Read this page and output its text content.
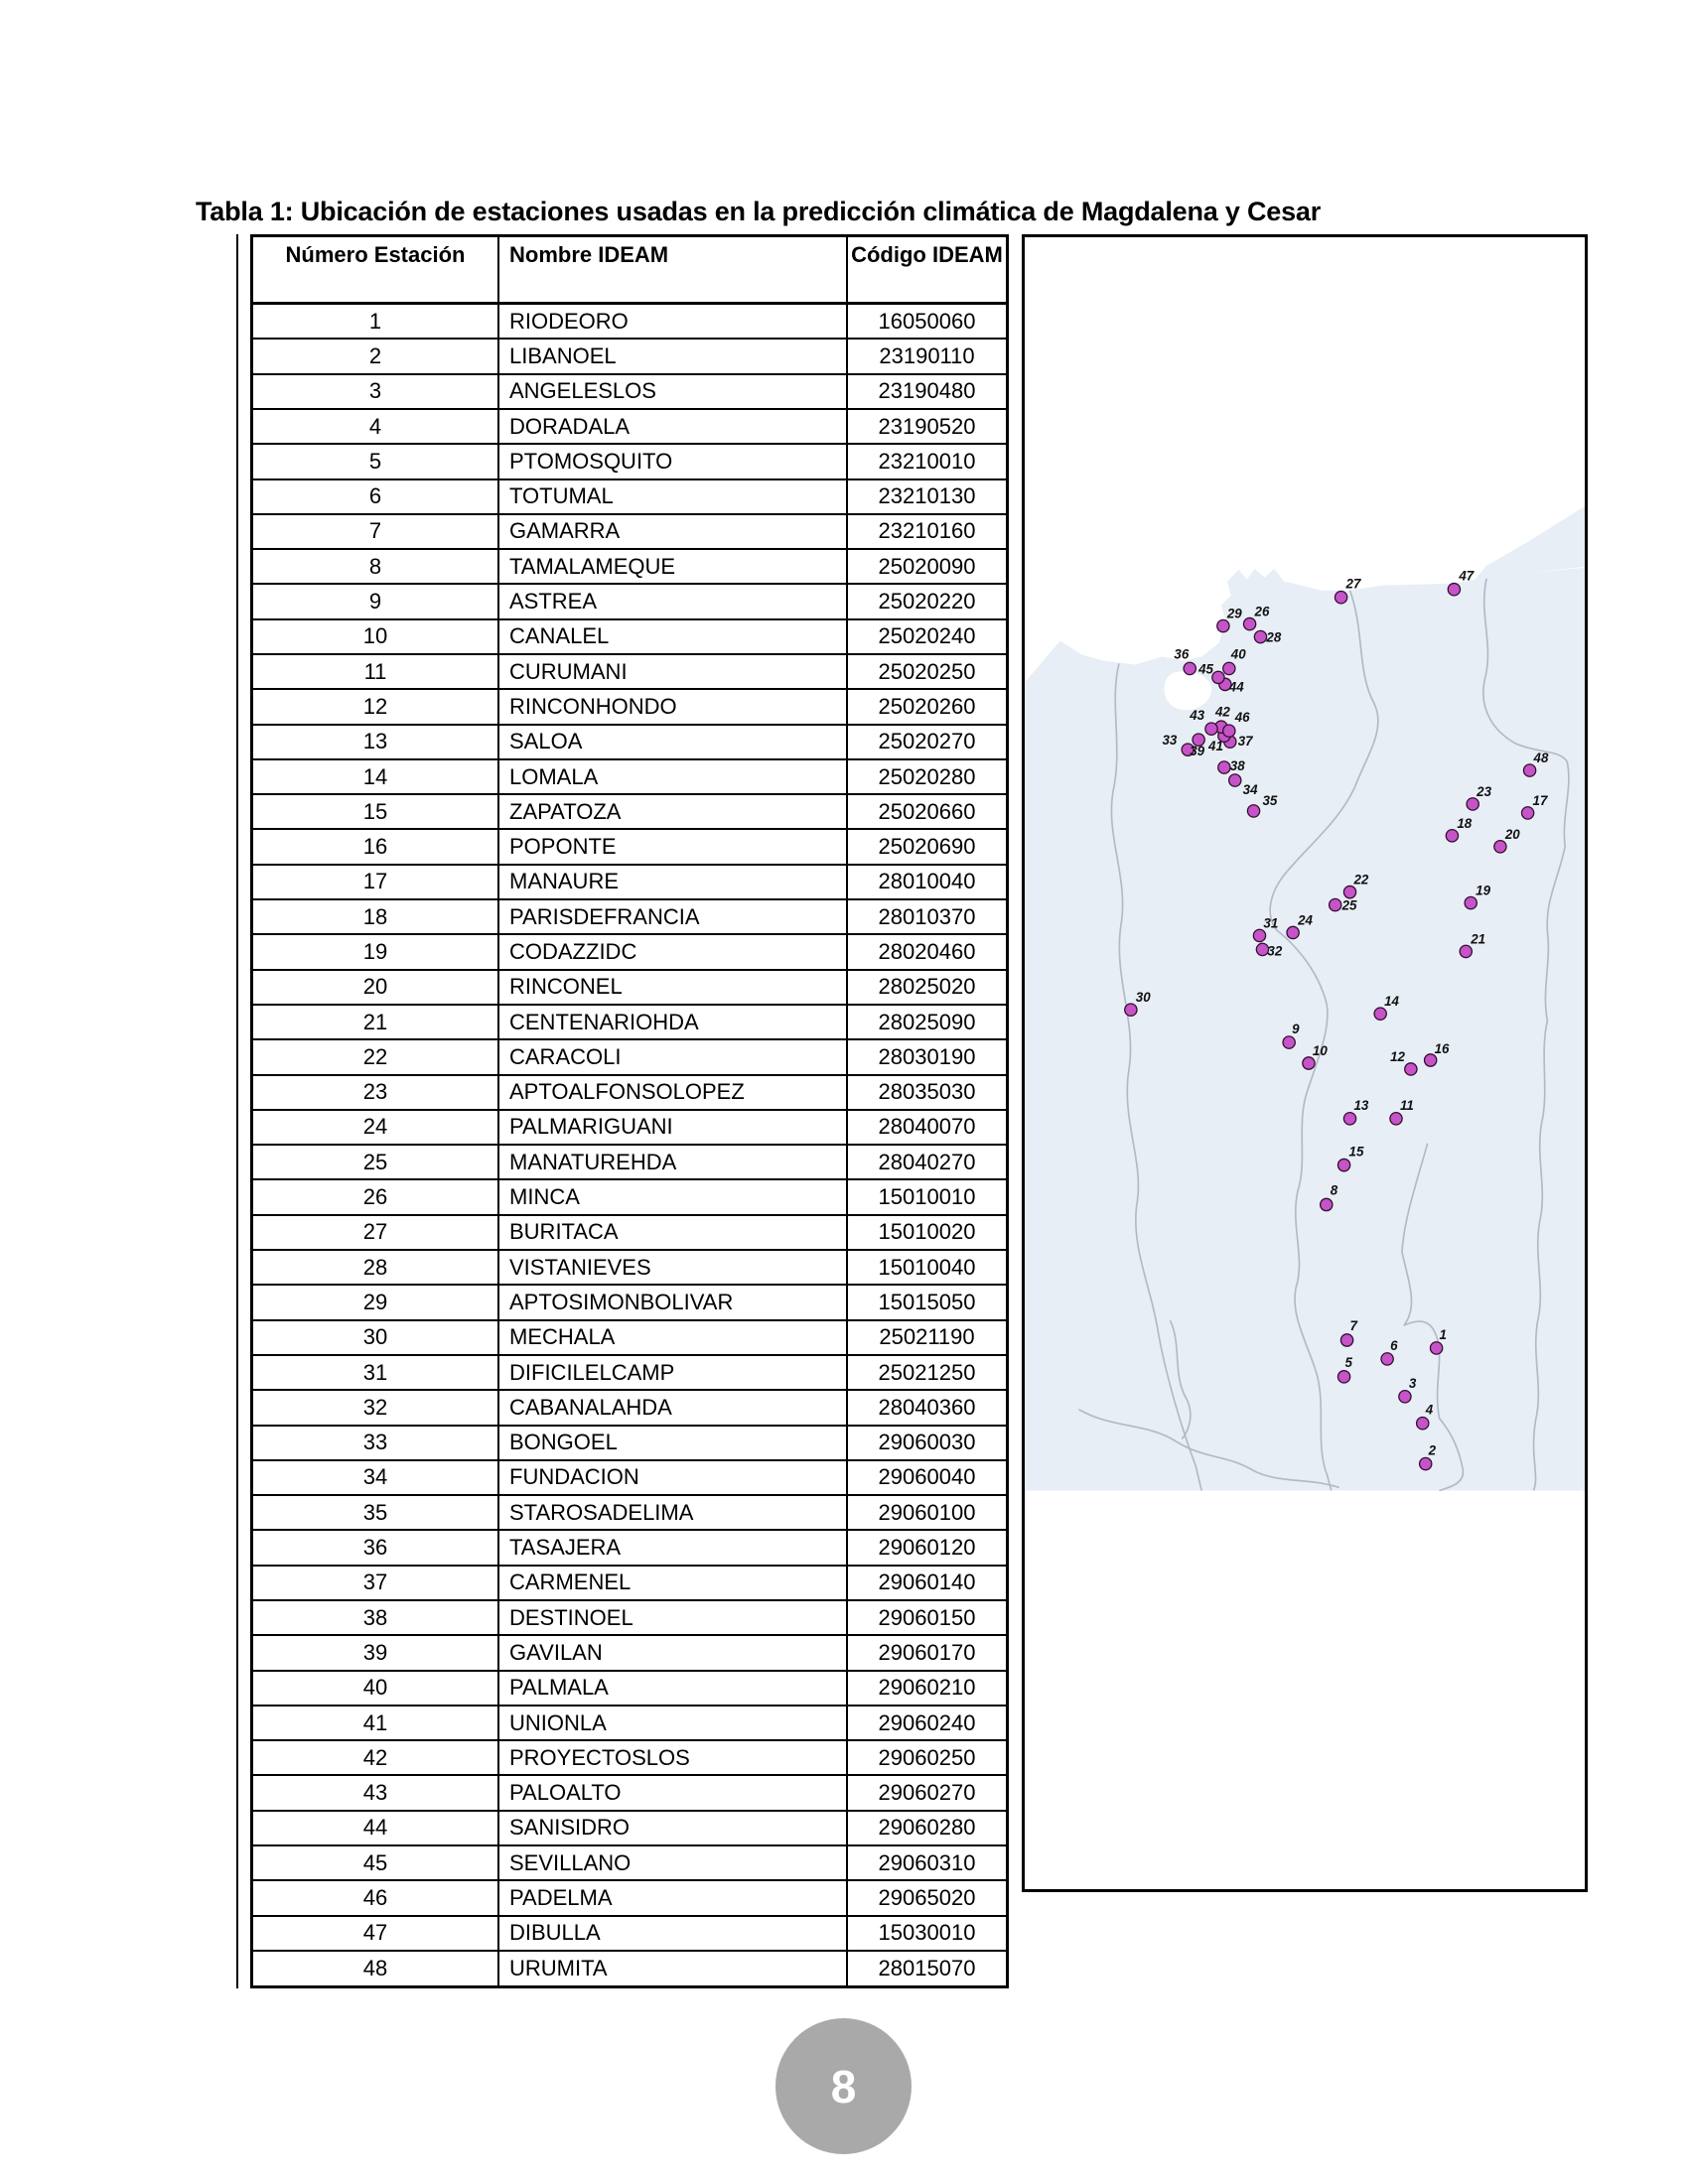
Tabla 1: Ubicación de estaciones usadas en la predicción climática de Magdalena y Cesar
Número Estación	Nombre IDEAM	Código IDEAM
1	RIODEORO	16050060
2	LIBANOEL	23190110
3	ANGELESLOS	23190480
4	DORADALA	23190520
5	PTOMOSQUITO	23210010
6	TOTUMAL	23210130
7	GAMARRA	23210160
8	TAMALAMEQUE	25020090
9	ASTREA	25020220
10	CANALEL	25020240
11	CURUMANI	25020250
12	RINCONHONDO	25020260
13	SALOA	25020270
14	LOMALA	25020280
15	ZAPATOZA	25020660
16	POPONTE	25020690
17	MANAURE	28010040
18	PARISDEFRANCIA	28010370
19	CODAZZIDC	28020460
20	RINCONEL	28025020
21	CENTENARIOHDA	28025090
22	CARACOLI	28030190
23	APTOALFONSOLOPEZ	28035030
24	PALMARIGUANI	28040070
25	MANATUREHDA	28040270
26	MINCA	15010010
27	BURITACA	15010020
28	VISTANIEVES	15010040
29	APTOSIMONBOLIVAR	15015050
30	MECHALA	25021190
31	DIFICILELCAMP	25021250
32	CABANALAHDA	28040360
33	BONGOEL	29060030
34	FUNDACION	29060040
35	STAROSADELIMA	29060100
36	TASAJERA	29060120
37	CARMENEL	29060140
38	DESTINOEL	29060150
39	GAVILAN	29060170
40	PALMALA	29060210
41	UNIONLA	29060240
42	PROYECTOSLOS	29060250
43	PALOALTO	29060270
44	SANISIDRO	29060280
45	SEVILLANO	29060310
46	PADELMA	29065020
47	DIBULLA	15030010
48	URUMITA	28015070
1
2
3
4
5
6
7
8
9
10
11
12
13
14
15
16
17
18
19
20
21
22
23
24
25
26
27
28
29
30
31
32
33
34
35
36
37
38
39
40
41
42
43
44
45
46
47
48
8
